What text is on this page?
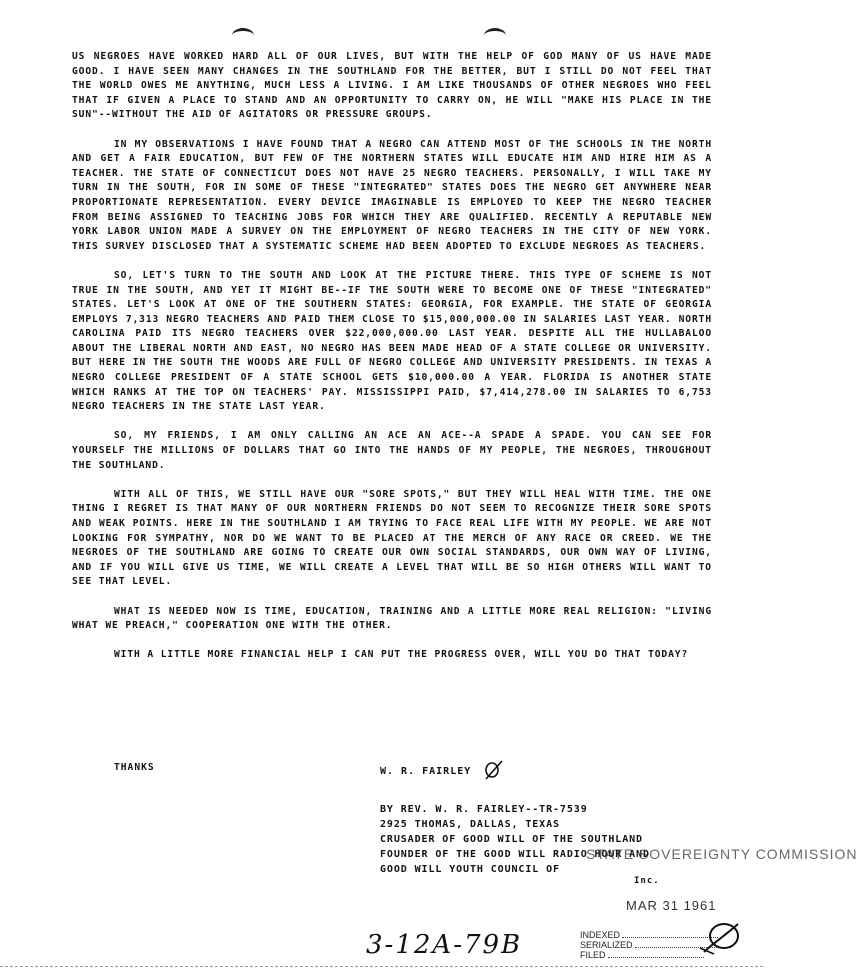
US NEGROES HAVE WORKED HARD ALL OF OUR LIVES, BUT WITH THE HELP OF GOD MANY OF US HAVE MADE GOOD. I HAVE SEEN MANY CHANGES IN THE SOUTHLAND FOR THE BETTER, BUT I STILL DO NOT FEEL THAT THE WORLD OWES ME ANYTHING, MUCH LESS A LIVING. I AM LIKE THOUSANDS OF OTHER NEGROES WHO FEEL THAT IF GIVEN A PLACE TO STAND AND AN OPPORTUNITY TO CARRY ON, HE WILL "MAKE HIS PLACE IN THE SUN"--WITHOUT THE AID OF AGITATORS OR PRESSURE GROUPS.

IN MY OBSERVATIONS I HAVE FOUND THAT A NEGRO CAN ATTEND MOST OF THE SCHOOLS IN THE NORTH AND GET A FAIR EDUCATION, BUT FEW OF THE NORTHERN STATES WILL EDUCATE HIM AND HIRE HIM AS A TEACHER. THE STATE OF CONNECTICUT DOES NOT HAVE 25 NEGRO TEACHERS. PERSONALLY, I WILL TAKE MY TURN IN THE SOUTH, FOR IN SOME OF THESE "INTEGRATED" STATES DOES THE NEGRO GET ANYWHERE NEAR PROPORTIONATE REPRESENTATION. EVERY DEVICE IMAGINABLE IS EMPLOYED TO KEEP THE NEGRO TEACHER FROM BEING ASSIGNED TO TEACHING JOBS FOR WHICH THEY ARE QUALIFIED. RECENTLY A REPUTABLE NEW YORK LABOR UNION MADE A SURVEY ON THE EMPLOYMENT OF NEGRO TEACHERS IN THE CITY OF NEW YORK. THIS SURVEY DISCLOSED THAT A SYSTEMATIC SCHEME HAD BEEN ADOPTED TO EXCLUDE NEGROES AS TEACHERS.

SO, LET'S TURN TO THE SOUTH AND LOOK AT THE PICTURE THERE. THIS TYPE OF SCHEME IS NOT TRUE IN THE SOUTH, AND YET IT MIGHT BE--IF THE SOUTH WERE TO BECOME ONE OF THESE "INTEGRATED" STATES. LET'S LOOK AT ONE OF THE SOUTHERN STATES: GEORGIA, FOR EXAMPLE. THE STATE OF GEORGIA EMPLOYS 7,313 NEGRO TEACHERS AND PAID THEM CLOSE TO $15,000,000.00 IN SALARIES LAST YEAR. NORTH CAROLINA PAID ITS NEGRO TEACHERS OVER $22,000,000.00 LAST YEAR. DESPITE ALL THE HULLABALOO ABOUT THE LIBERAL NORTH AND EAST, NO NEGRO HAS BEEN MADE HEAD OF A STATE COLLEGE OR UNIVERSITY. BUT HERE IN THE SOUTH THE WOODS ARE FULL OF NEGRO COLLEGE AND UNIVERSITY PRESIDENTS. IN TEXAS A NEGRO COLLEGE PRESIDENT OF A STATE SCHOOL GETS $10,000.00 A YEAR. FLORIDA IS ANOTHER STATE WHICH RANKS AT THE TOP ON TEACHERS' PAY. MISSISSIPPI PAID, $7,414,278.00 IN SALARIES TO 6,753 NEGRO TEACHERS IN THE STATE LAST YEAR.

SO, MY FRIENDS, I AM ONLY CALLING AN ACE AN ACE--A SPADE A SPADE. YOU CAN SEE FOR YOURSELF THE MILLIONS OF DOLLARS THAT GO INTO THE HANDS OF MY PEOPLE, THE NEGROES, THROUGHOUT THE SOUTHLAND.

WITH ALL OF THIS, WE STILL HAVE OUR "SORE SPOTS," BUT THEY WILL HEAL WITH TIME. THE ONE THING I REGRET IS THAT MANY OF OUR NORTHERN FRIENDS DO NOT SEEM TO RECOGNIZE THEIR SORE SPOTS AND WEAK POINTS. HERE IN THE SOUTHLAND I AM TRYING TO FACE REAL LIFE WITH MY PEOPLE. WE ARE NOT LOOKING FOR SYMPATHY, NOR DO WE WANT TO BE PLACED AT THE MERCH OF ANY RACE OR CREED. WE THE NEGROES OF THE SOUTHLAND ARE GOING TO CREATE OUR OWN SOCIAL STANDARDS, OUR OWN WAY OF LIVING, AND IF YOU WILL GIVE US TIME, WE WILL CREATE A LEVEL THAT WILL BE SO HIGH OTHERS WILL WANT TO SEE THAT LEVEL.

WHAT IS NEEDED NOW IS TIME, EDUCATION, TRAINING AND A LITTLE MORE REAL RELIGION: "LIVING WHAT WE PREACH," COOPERATION ONE WITH THE OTHER.

WITH A LITTLE MORE FINANCIAL HELP I CAN PUT THE PROGRESS OVER, WILL YOU DO THAT TODAY?

THANKS	W. R. FAIRLEY
BY REV. W. R. FAIRLEY--TR-7539
2925 THOMAS, DALLAS, TEXAS
CRUSADER OF GOOD WILL OF THE SOUTHLAND
FOUNDER OF THE GOOD WILL RADIO HOUR AND
GOOD WILL YOUTH COUNCIL OF
STATE SOVEREIGNTY COMMISSION
Inc.
MAR 31 1961
INDEXED
SERIALIZED
FILED
3-12A-79B
